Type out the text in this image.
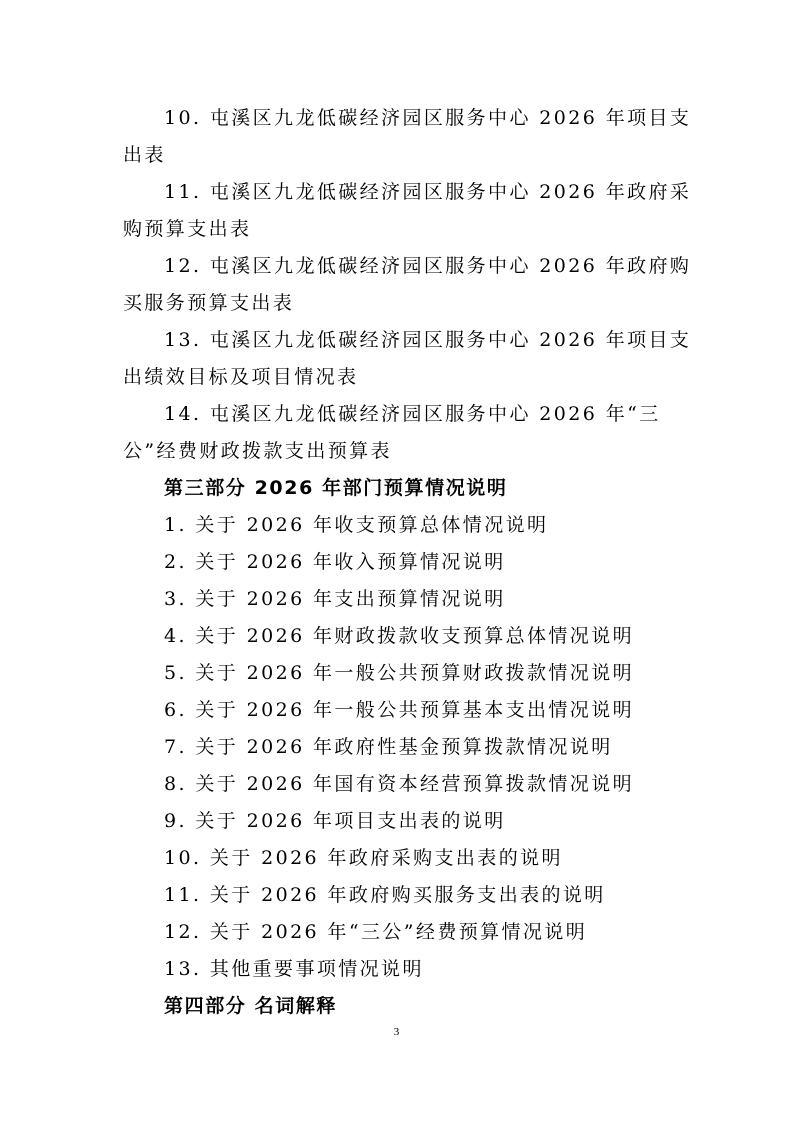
10. 屯溪区九龙低碳经济园区服务中心 2026 年项目支出表

11. 屯溪区九龙低碳经济园区服务中心 2026 年政府采购预算支出表

12. 屯溪区九龙低碳经济园区服务中心 2026 年政府购买服务预算支出表

13. 屯溪区九龙低碳经济园区服务中心 2026 年项目支出绩效目标及项目情况表

14. 屯溪区九龙低碳经济园区服务中心 2026 年“三公”经费财政拨款支出预算表

第三部分 2026 年部门预算情况说明

1. 关于 2026 年收支预算总体情况说明

2. 关于 2026 年收入预算情况说明

3. 关于 2026 年支出预算情况说明

4. 关于 2026 年财政拨款收支预算总体情况说明

5. 关于 2026 年一般公共预算财政拨款情况说明

6. 关于 2026 年一般公共预算基本支出情况说明

7. 关于 2026 年政府性基金预算拨款情况说明

8. 关于 2026 年国有资本经营预算拨款情况说明

9. 关于 2026 年项目支出表的说明

10. 关于 2026 年政府采购支出表的说明

11. 关于 2026 年政府购买服务支出表的说明

12. 关于 2026 年“三公”经费预算情况说明

13. 其他重要事项情况说明

第四部分 名词解释

3
